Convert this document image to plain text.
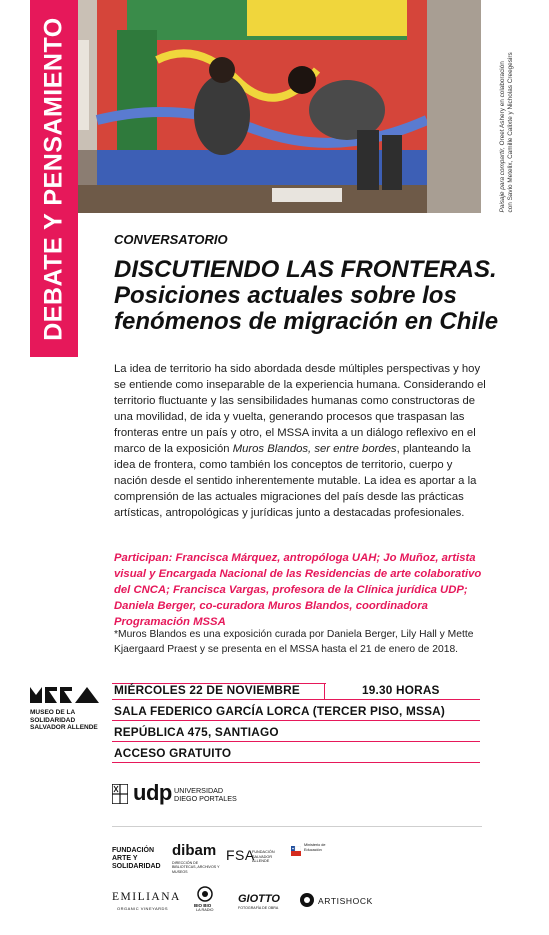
DEBATE Y PENSAMIENTO	Paisaje para compartir, Oreet Ashery en colaboración
con Savio Metelix, Camille Calixte y Nicholas Creegesirs
CONVERSATORIO
DISCUTIENDO LAS FRONTERAS.
Posiciones actuales sobre los
fenómenos de migración en Chile
La idea de territorio ha sido abordada desde múltiples perspectivas y hoy se entiende como inseparable de la experiencia humana. Considerando el territorio fluctuante y las sensibilidades humanas como constructoras de una movilidad, de ida y vuelta, generando procesos que traspasan las fronteras entre un país y otro, el MSSA invita a un diálogo reflexivo en el marco de la exposición Muros Blandos, ser entre bordes, planteando la idea de frontera, como también los conceptos de territorio, cuerpo y nación desde el sentido inherentemente mutable. La idea es aportar a la comprensión de las actuales migraciones del país desde las prácticas artísticas, antropológicas y jurídicas junto a destacadas profesionales.
Participan: Francisca Márquez, antropóloga UAH; Jo Muñoz, artista visual y Encargada Nacional de las Residencias de arte colaborativo del CNCA; Francisca Vargas, profesora de la Clínica jurídica UDP; Daniela Berger, co-curadora Muros Blandos, coordinadora Programación MSSA
*Muros Blandos es una exposición curada por Daniela Berger, Lily Hall y Mette Kjaergaard Praest y se presenta en el MSSA hasta el 21 de enero de 2018.
MUSEO DE LA
SOLIDARIDAD
SALVADOR ALLENDE
MIÉRCOLES 22 DE NOVIEMBRE	19.30 HORAS
SALA FEDERICO GARCÍA LORCA (TERCER PISO, MSSA)
REPÚBLICA 475, SANTIAGO
ACCESO GRATUITO
udp UNIVERSIDAD
DIEGO PORTALES
FUNDACIÓN
ARTE Y
SOLIDARIDAD
dibam
DIRECCIÓN DE BIBLIOTECAS, ARCHIVOS Y MUSEOS
FSA
FUNDACIÓN SALVADOR ALLENDE
Ministerio de Educación
EMILIANA
ORGANIC VINEYARDS
BIO BIO
LA RADIO
GIOTTO
FOTOGRAFÍA DE OBRA
ARTISHOCK
